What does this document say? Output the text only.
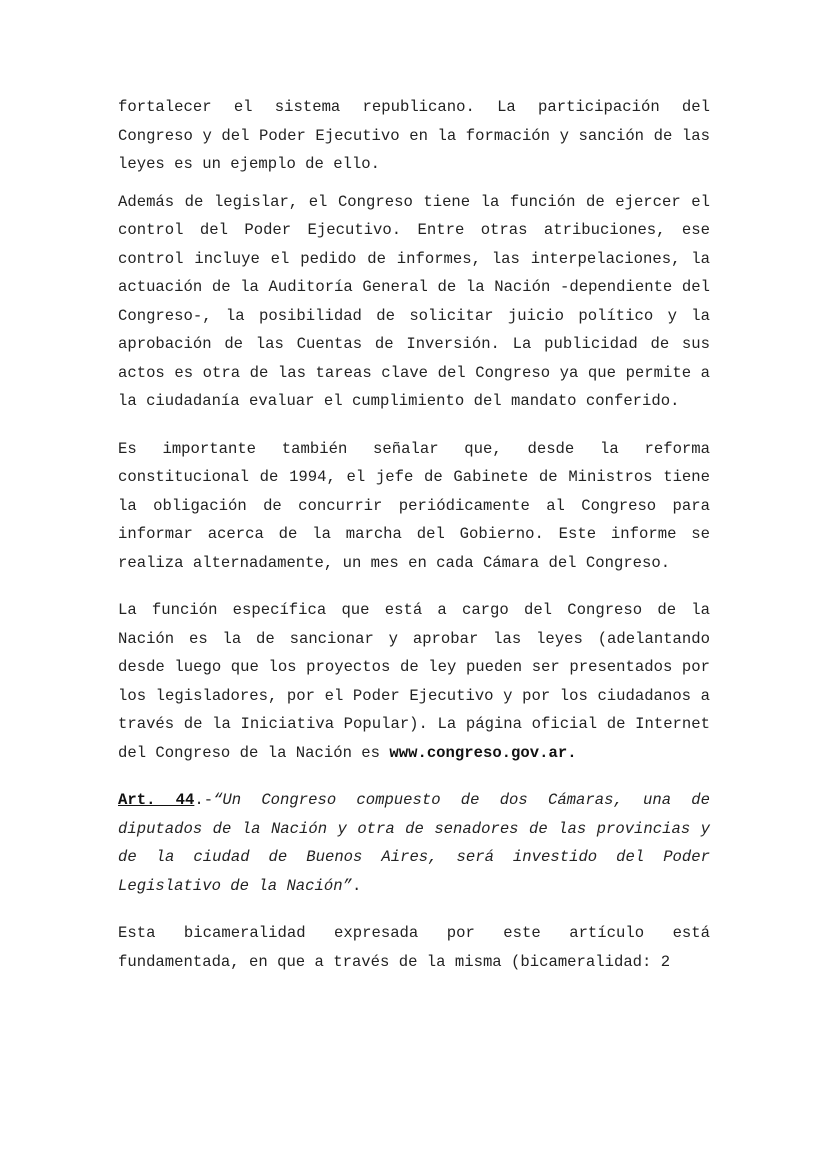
fortalecer el sistema republicano. La participación del Congreso y del Poder Ejecutivo en la formación y sanción de las leyes es un ejemplo de ello.

Además de legislar, el Congreso tiene la función de ejercer el control del Poder Ejecutivo. Entre otras atribuciones, ese control incluye el pedido de informes, las interpelaciones, la actuación de la Auditoría General de la Nación -dependiente del Congreso-, la posibilidad de solicitar juicio político y la aprobación de las Cuentas de Inversión. La publicidad de sus actos es otra de las tareas clave del Congreso ya que permite a la ciudadanía evaluar el cumplimiento del mandato conferido.

Es importante también señalar que, desde la reforma constitucional de 1994, el jefe de Gabinete de Ministros tiene la obligación de concurrir periódicamente al Congreso para informar acerca de la marcha del Gobierno. Este informe se realiza alternadamente, un mes en cada Cámara del Congreso.

La función específica que está a cargo del Congreso de la Nación es la de sancionar y aprobar las leyes (adelantando desde luego que los proyectos de ley pueden ser presentados por los legisladores, por el Poder Ejecutivo y por los ciudadanos a través de la Iniciativa Popular). La página oficial de Internet del Congreso de la Nación es www.congreso.gov.ar.

Art. 44.-“Un Congreso compuesto de dos Cámaras, una de diputados de la Nación y otra de senadores de las provincias y de la ciudad de Buenos Aires, será investido del Poder Legislativo de la Nación”.

Esta bicameralidad expresada por este artículo está fundamentada, en que a través de la misma (bicameralidad: 2
